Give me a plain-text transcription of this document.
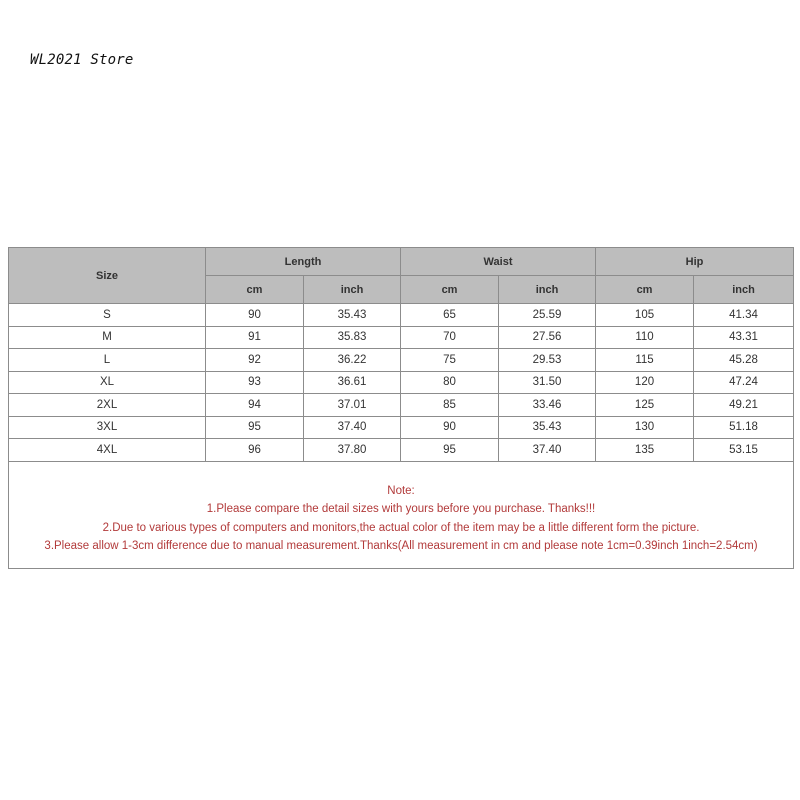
WL2021 Store
Size	Length		Waist		Hip	
	cm	inch	cm	inch	cm	inch
S	90	35.43	65	25.59	105	41.34
M	91	35.83	70	27.56	110	43.31
L	92	36.22	75	29.53	115	45.28
XL	93	36.61	80	31.50	120	47.24
2XL	94	37.01	85	33.46	125	49.21
3XL	95	37.40	90	35.43	130	51.18
4XL	96	37.80	95	37.40	135	53.15

Note:
1.Please compare the detail sizes with yours before you purchase. Thanks!!!
2.Due to various types of computers and monitors,the actual color of the item may be a little different form the picture.
3.Please allow 1-3cm difference due to manual measurement.Thanks(All measurement in cm and please note 1cm=0.39inch 1inch=2.54cm)						
